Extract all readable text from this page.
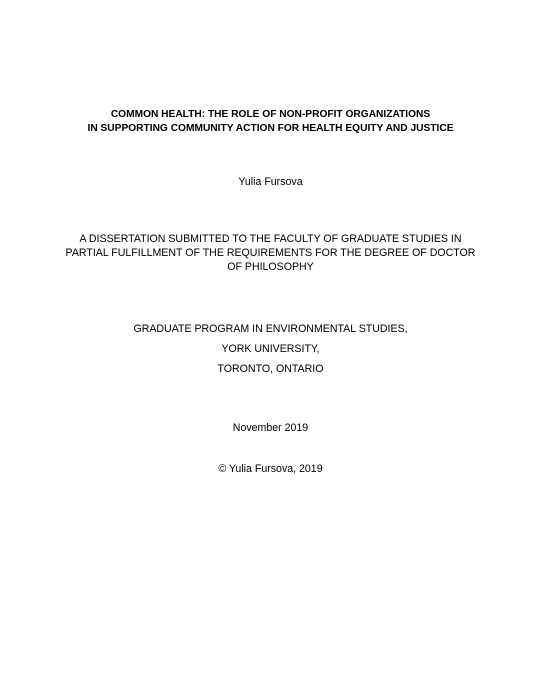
COMMON HEALTH: THE ROLE OF NON-PROFIT ORGANIZATIONS
IN SUPPORTING COMMUNITY ACTION FOR HEALTH EQUITY AND JUSTICE
Yulia Fursova
A DISSERTATION SUBMITTED TO THE FACULTY OF GRADUATE STUDIES IN
PARTIAL FULFILLMENT OF THE REQUIREMENTS FOR THE DEGREE OF DOCTOR
OF PHILOSOPHY
GRADUATE PROGRAM IN ENVIRONMENTAL STUDIES,
YORK UNIVERSITY,
TORONTO, ONTARIO
November 2019
© Yulia Fursova, 2019
